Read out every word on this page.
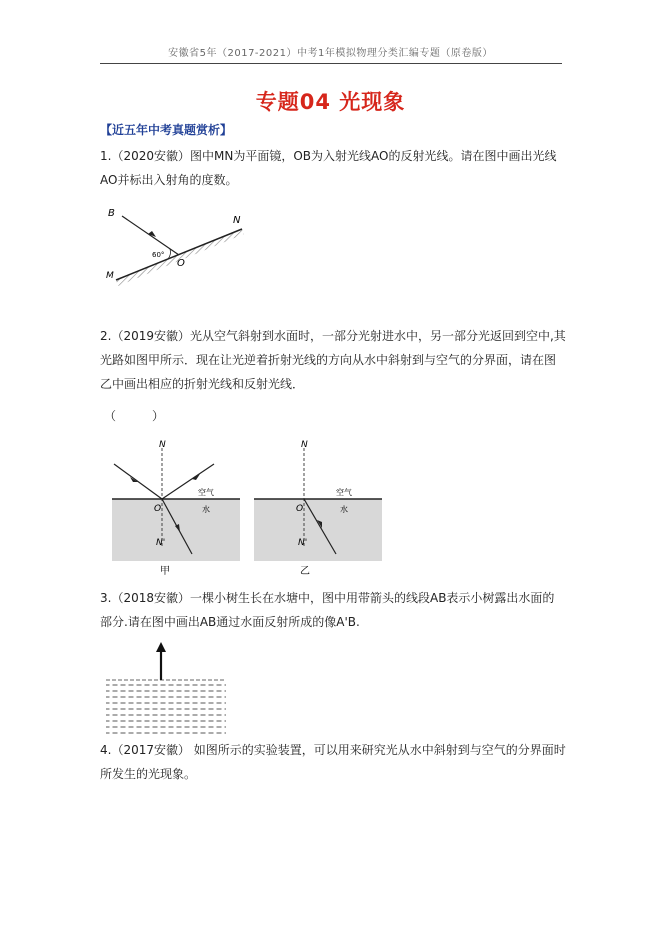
安徽省5年（2017-2021）中考1年模拟物理分类汇编专题（原卷版）
专题04 光现象
【近五年中考真题赏析】
1.（2020安徽）图中MN为平面镜，OB为入射光线AO的反射光线。请在图中画出光线AO并标出入射角的度数。
B
N
M
O
60°
2.（2019安徽）光从空气斜射到水面时，一部分光射进水中，另一部分光返回到空中,其光路如图甲所示．现在让光逆着折射光线的方向从水中斜射到与空气的分界面，请在图乙中画出相应的折射光线和反射光线．
（　　　）
N
O
N'
空气
水
甲
N
O
N'
空气
水
乙
3.（2018安徽）一棵小树生长在水塘中，图中用带箭头的线段AB表示小树露出水面的部分.请在图中画出AB通过水面反射所成的像A'B.
4.（2017安徽） 如图所示的实验装置，可以用来研究光从水中斜射到与空气的分界面时所发生的光现象。
